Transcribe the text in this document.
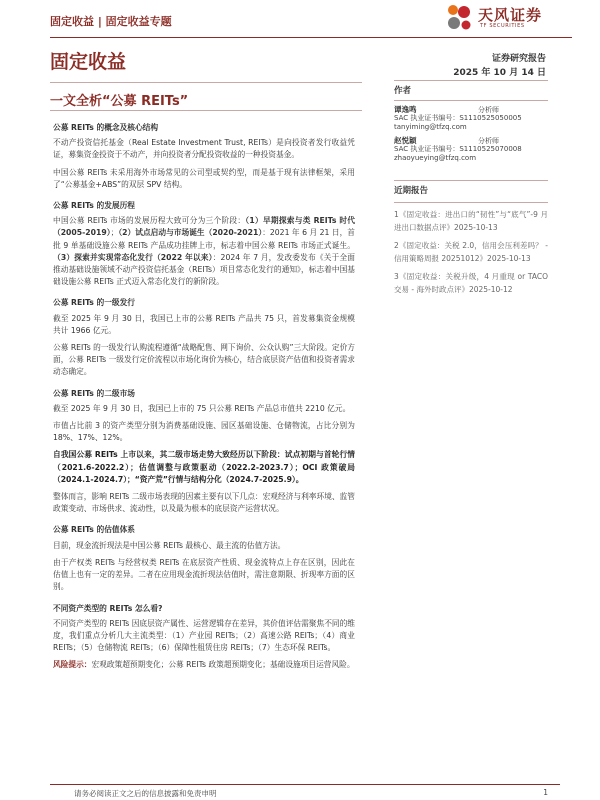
固定收益 | 固定收益专题	天风证券
TF SECURITIES
固定收益	证券研究报告
2025 年 10 月 14 日
一文全析“公募 REITs”
公募 REITs 的概念及核心结构

不动产投资信托基金（Real Estate Investment Trust, REITs）是向投资者发行收益凭证，募集资金投资于不动产，并向投资者分配投资收益的一种投资基金。

中国公募 REITs 未采用海外市场常见的公司型或契约型，而是基于现有法律框架，采用了“公募基金+ABS”的双层 SPV 结构。

公募 REITs 的发展历程

中国公募 REITs 市场的发展历程大致可分为三个阶段：（1）早期探索与类 REITs 时代（2005-2019）；（2）试点启动与市场诞生（2020-2021）：2021 年 6 月 21 日，首批 9 单基础设施公募 REITs 产品成功挂牌上市，标志着中国公募 REITs 市场正式诞生。（3）探索并实现常态化发行（2022 年以来）：2024 年 7 月，发改委发布《关于全面推动基础设施领域不动产投资信托基金（REITs）项目常态化发行的通知》，标志着中国基础设施公募 REITs 正式迈入常态化发行的新阶段。

公募 REITs 的一级发行

截至 2025 年 9 月 30 日，我国已上市的公募 REITs 产品共 75 只，首发募集资金规模共计 1966 亿元。

公募 REITs 的一级发行认购流程遵循“战略配售、网下询价、公众认购”三大阶段。定价方面，公募 REITs 一级发行定价流程以市场化询价为核心，结合底层资产估值和投资者需求动态确定。

公募 REITs 的二级市场

截至 2025 年 9 月 30 日，我国已上市的 75 只公募 REITs 产品总市值共 2210 亿元。

市值占比前 3 的资产类型分别为消费基础设施、园区基础设施、仓储物流，占比分别为 18%、17%、12%。

自我国公募 REITs 上市以来，其二级市场走势大致经历以下阶段：试点初期与首轮行情（2021.6-2022.2）；估值调整与政策驱动（2022.2-2023.7）；OCI 政策破局（2024.1-2024.7）；“资产荒”行情与结构分化（2024.7-2025.9）。

整体而言，影响 REITs 二级市场表现的因素主要有以下几点：宏观经济与利率环境、监管政策变动、市场供求、流动性，以及最为根本的底层资产运营状况。

公募 REITs 的估值体系

目前，现金流折现法是中国公募 REITs 最核心、最主流的估值方法。

由于产权类 REITs 与经营权类 REITs 在底层资产性质、现金流特点上存在区别，因此在估值上也有一定的差异。二者在应用现金流折现法估值时，需注意期限、折现率方面的区别。

不同资产类型的 REITs 怎么看?

不同资产类型的 REITs 因底层资产属性、运营逻辑存在差异，其价值评估需聚焦不同的维度，我们重点分析几大主流类型：（1）产业园 REITs；（2）高速公路 REITs；（4）商业 REITs；（5）仓储物流 REITs；（6）保障性租赁住房 REITs；（7）生态环保 REITs。

风险提示：宏观政策超预期变化；公募 REITs 政策超预期变化；基础设施项目运营风险。

作者
谭逸鸣	分析师
SAC 执业证书编号：S1110525050005
tanyiming@tfzq.com
赵悦颖	分析师
SAC 执业证书编号：S1110525070008
zhaoyueying@tfzq.com
近期报告
1《固定收益：进出口的“韧性”与“底气”-9 月进出口数据点评》2025-10-13
2《固定收益：关税 2.0，信用会压利差吗？ - 信用策略周报 20251012》2025-10-13
3《固定收益：关税升级，4 月重现 or TACO 交易 - 海外时政点评》2025-10-12
请务必阅读正文之后的信息披露和免责申明	1
